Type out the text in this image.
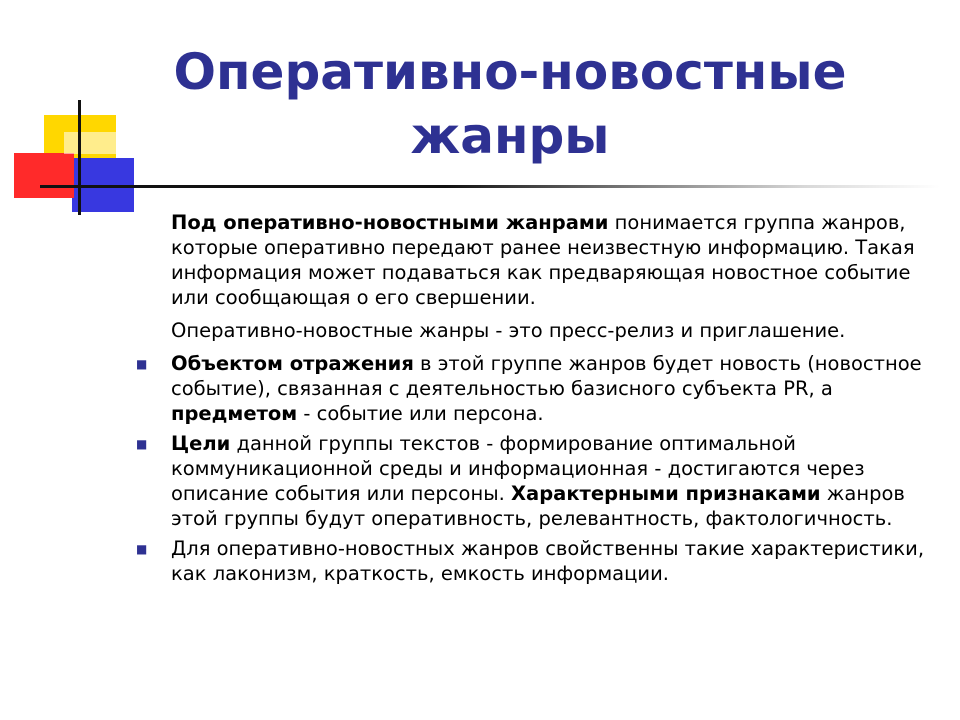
Оперативно-новостные
жанры

Под оперативно-новостными жанрами понимается группа жанров, которые оперативно передают ранее неизвестную информацию. Такая информация может подаваться как предваряющая новостное событие или сообщающая о его свершении.

Оперативно-новостные жанры - это пресс-релиз и приглашение.

■ Объектом отражения в этой группе жанров будет новость (новостное событие), связанная с деятельностью базисного субъекта PR, а предметом - событие или персона.

■ Цели данной группы текстов - формирование оптимальной коммуникационной среды и информационная - достигаются через описание события или персоны. Характерными признаками жанров этой группы будут оперативность, релевантность, фактологичность.

■ Для оперативно-новостных жанров свойственны такие характеристики, как лаконизм, краткость, емкость информации.
